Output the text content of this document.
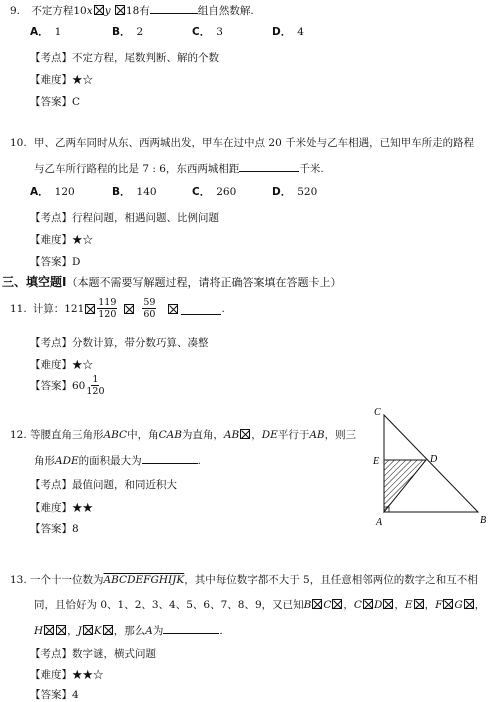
9. 不定方程10x y 18有	组自然数解.
A． 1	B． 2	C． 3	D． 4
【考点】不定方程，尾数判断、解的个数
【难度】★☆
【答案】C
10. 甲、乙两车同时从东、西两城出发，甲车在过中点 20 千米处与乙车相遇，已知甲车所走的路程
与乙车所行路程的比是 7 : 6，东西两城相距	千米.
A． 120	B． 140	C． 260	D． 520
【考点】行程问题，相遇问题、比例问题
【难度】★☆
【答案】D
三、填空题Ⅰ（本题不需要写解题过程，请将正确答案填在答题卡上）
11. 计算： $121 \frac{119}{120}$	$\frac{59}{60}$	.
【考点】分数计算，带分数巧算、凑整
【难度】★☆
【答案】 $60 \frac{1}{120}$
12. 等腰直角三角形ABC中，角CAB为直角，AB ，DE平行于AB，则三
角形ADE的面积最大为	.
【考点】最值问题，和同近积大
【难度】★★
【答案】8
C
E	D
A	B
13. 一个十一位数为ABCDEFGHIJK，其中每位数字都不大于 5，且任意相邻两位的数字之和互不相
同，且恰好为 0、1、2、3、4、5、6、7、8、9，又已知B C ，C D ，E ，F G ，
H ，J K ，那么A为	.
【考点】数字谜，横式问题
【难度】★★☆
【答案】4
